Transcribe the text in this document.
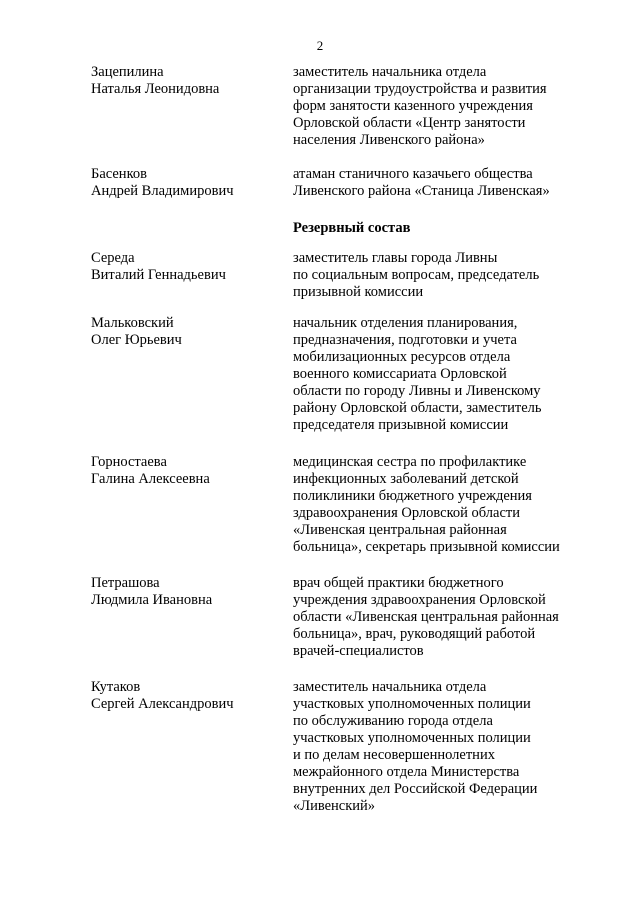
2
Зацепилина
Наталья Леонидовна
заместитель начальника отдела
организации трудоустройства и развития
форм занятости казенного учреждения
Орловской области «Центр занятости
населения Ливенского района»
Басенков
Андрей Владимирович
атаман станичного казачьего общества
Ливенского района «Станица Ливенская»
Резервный состав
Середа
Виталий Геннадьевич
заместитель главы города Ливны
по социальным вопросам, председатель
призывной комиссии
Мальковский
Олег Юрьевич
начальник отделения планирования,
предназначения, подготовки и учета
мобилизационных ресурсов отдела
военного комиссариата Орловской
области по городу Ливны и Ливенскому
району Орловской области, заместитель
председателя призывной комиссии
Горностаева
Галина Алексеевна
медицинская сестра по профилактике
инфекционных заболеваний детской
поликлиники бюджетного учреждения
здравоохранения Орловской области
«Ливенская центральная районная
больница», секретарь призывной комиссии
Петрашова
Людмила Ивановна
врач общей практики бюджетного
учреждения здравоохранения Орловской
области «Ливенская центральная районная
больница», врач, руководящий работой
врачей-специалистов
Кутаков
Сергей Александрович
заместитель начальника отдела
участковых уполномоченных полиции
по обслуживанию города отдела
участковых уполномоченных полиции
и по делам несовершеннолетних
межрайонного отдела Министерства
внутренних дел Российской Федерации
«Ливенский»
